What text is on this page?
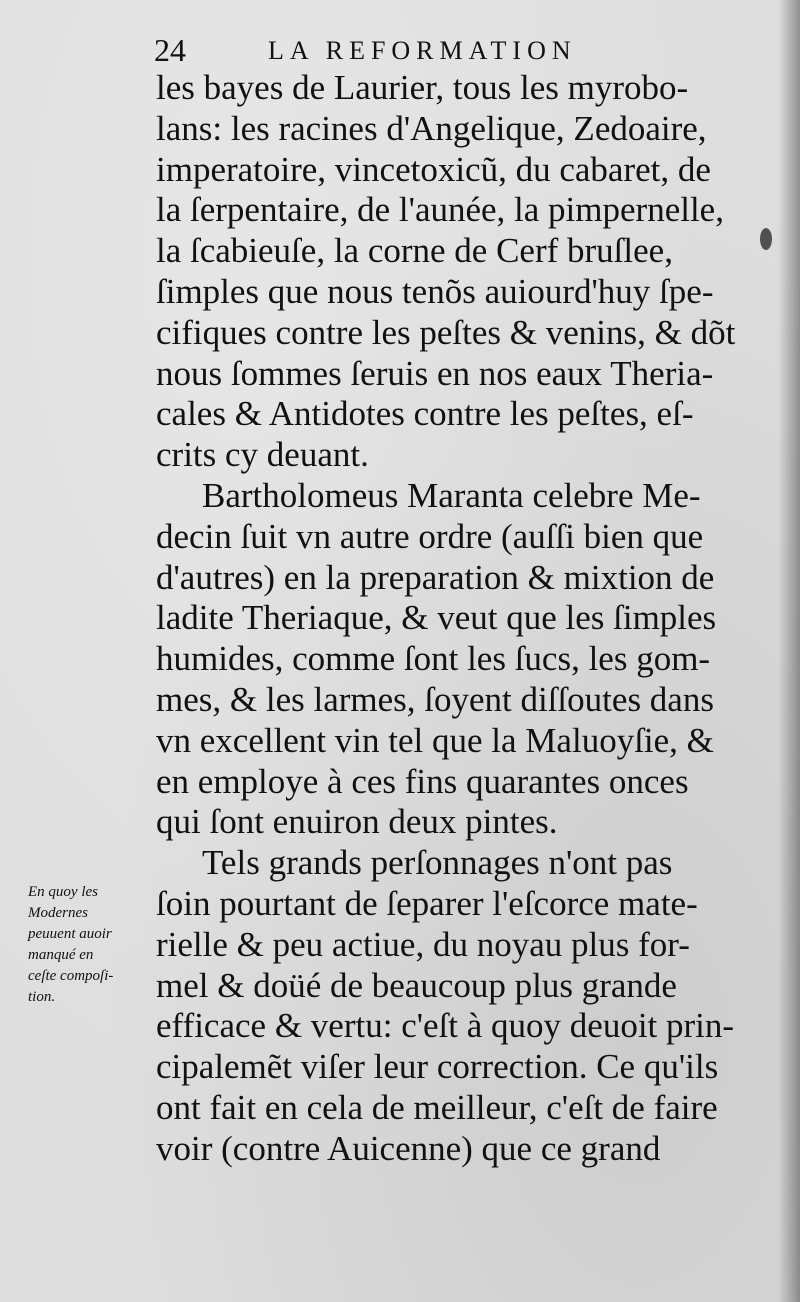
24	LA REFORMATION
les bayes de Laurier, tous les myrobo-
lans: les racines d'Angelique, Zedoaire,
imperatoire, vincetoxicũ, du cabaret, de
la ſerpentaire, de l'aunée, la pimpernelle,
la ſcabieuſe, la corne de Cerf bruſlee,
ſimples que nous tenõs auiourd'huy ſpe-
cifiques contre les peſtes & venins, & dõt
nous ſommes ſeruis en nos eaux Theria-
cales & Antidotes contre les peſtes, eſ-
crits cy deuant.
Bartholomeus Maranta celebre Me-
decin ſuit vn autre ordre (auſſi bien que
d'autres) en la preparation & mixtion de
ladite Theriaque, & veut que les ſimples
humides, comme ſont les ſucs, les gom-
mes, & les larmes, ſoyent diſſoutes dans
vn excellent vin tel que la Maluoyſie, &
en employe à ces fins quarantes onces
qui ſont enuiron deux pintes.
Tels grands perſonnages n'ont pas
ſoin pourtant de ſeparer l'eſcorce mate-
rielle & peu actiue, du noyau plus for-
mel & doüé de beaucoup plus grande
efficace & vertu: c'eſt à quoy deuoit prin-
cipalemẽt viſer leur correction. Ce qu'ils
ont fait en cela de meilleur, c'eſt de faire
voir (contre Auicenne) que ce grand
En quoy les
Modernes
peuuent auoir
manqué en
ceſte compoſi-
tion.
